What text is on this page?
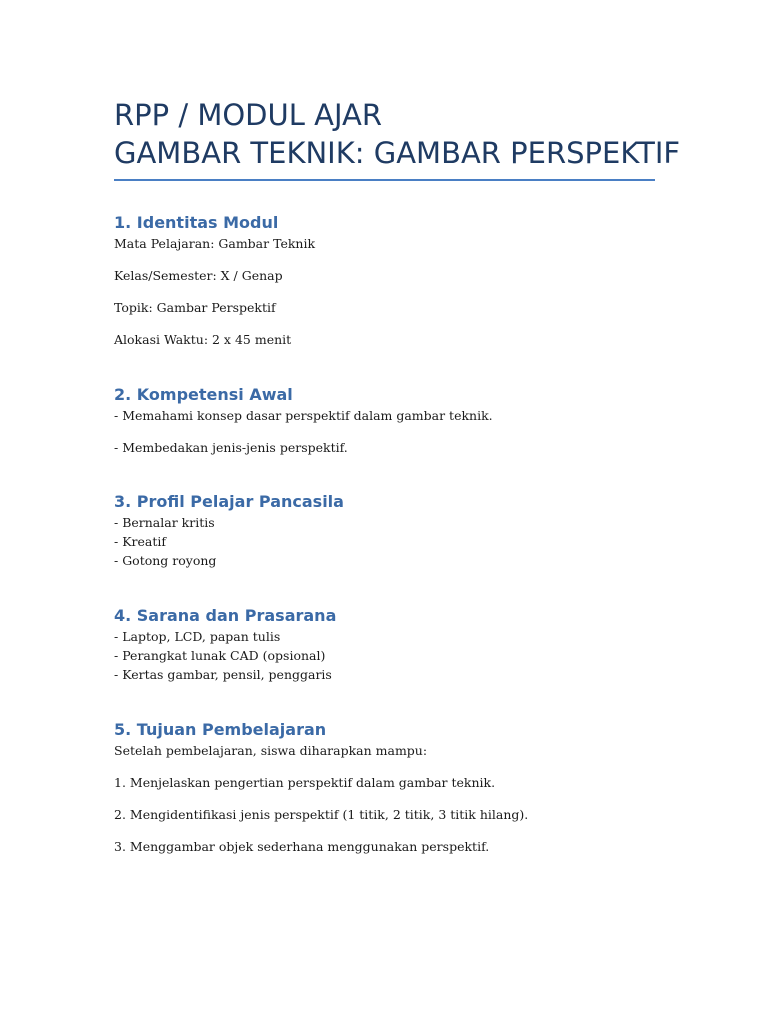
RPP / MODUL AJAR
GAMBAR TEKNIK: GAMBAR PERSPEKTIF
1. Identitas Modul

Mata Pelajaran: Gambar Teknik

Kelas/Semester: X / Genap

Topik: Gambar Perspektif

Alokasi Waktu: 2 x 45 menit

2. Kompetensi Awal

- Memahami konsep dasar perspektif dalam gambar teknik.

- Membedakan jenis-jenis perspektif.

3. Profil Pelajar Pancasila

- Bernalar kritis

- Kreatif

- Gotong royong

4. Sarana dan Prasarana

- Laptop, LCD, papan tulis

- Perangkat lunak CAD (opsional)

- Kertas gambar, pensil, penggaris

5. Tujuan Pembelajaran

Setelah pembelajaran, siswa diharapkan mampu:

1. Menjelaskan pengertian perspektif dalam gambar teknik.

2. Mengidentifikasi jenis perspektif (1 titik, 2 titik, 3 titik hilang).

3. Menggambar objek sederhana menggunakan perspektif.
